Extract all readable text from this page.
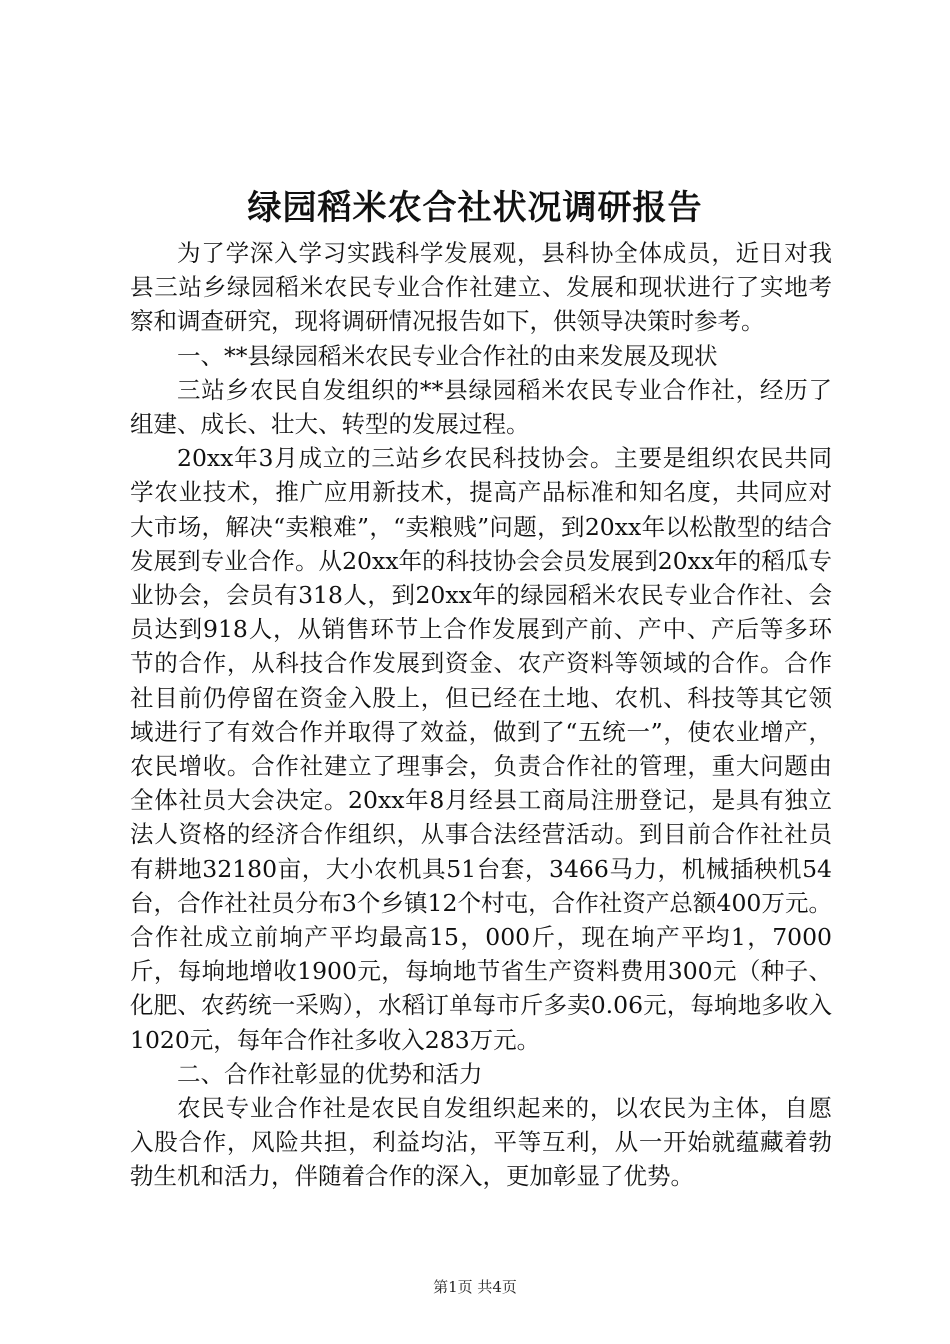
绿园稻米农合社状况调研报告

为了学深入学习实践科学发展观，县科协全体成员，近日对我县三站乡绿园稻米农民专业合作社建立、发展和现状进行了实地考察和调查研究，现将调研情况报告如下，供领导决策时参考。

一、**县绿园稻米农民专业合作社的由来发展及现状

三站乡农民自发组织的**县绿园稻米农民专业合作社，经历了组建、成长、壮大、转型的发展过程。

20xx年3月成立的三站乡农民科技协会。主要是组织农民共同学农业技术，推广应用新技术，提高产品标准和知名度，共同应对大市场，解决“卖粮难”，“卖粮贱”问题，到20xx年以松散型的结合发展到专业合作。从20xx年的科技协会会员发展到20xx年的稻瓜专业协会，会员有318人，到20xx年的绿园稻米农民专业合作社、会员达到918人，从销售环节上合作发展到产前、产中、产后等多环节的合作，从科技合作发展到资金、农产资料等领域的合作。合作社目前仍停留在资金入股上，但已经在土地、农机、科技等其它领域进行了有效合作并取得了效益，做到了“五统一”，使农业增产，农民增收。合作社建立了理事会，负责合作社的管理，重大问题由全体社员大会决定。20xx年8月经县工商局注册登记，是具有独立法人资格的经济合作组织，从事合法经营活动。到目前合作社社员有耕地32180亩，大小农机具51台套，3466马力，机械插秧机54台，合作社社员分布3个乡镇12个村屯，合作社资产总额400万元。合作社成立前垧产平均最高15，000斤，现在垧产平均1，7000斤，每垧地增收1900元，每垧地节省生产资料费用300元（种子、化肥、农药统一采购），水稻订单每市斤多卖0.06元，每垧地多收入1020元，每年合作社多收入283万元。

二、合作社彰显的优势和活力

农民专业合作社是农民自发组织起来的，以农民为主体，自愿入股合作，风险共担，利益均沾，平等互利，从一开始就蕴藏着勃勃生机和活力，伴随着合作的深入，更加彰显了优势。

第1页 共4页
